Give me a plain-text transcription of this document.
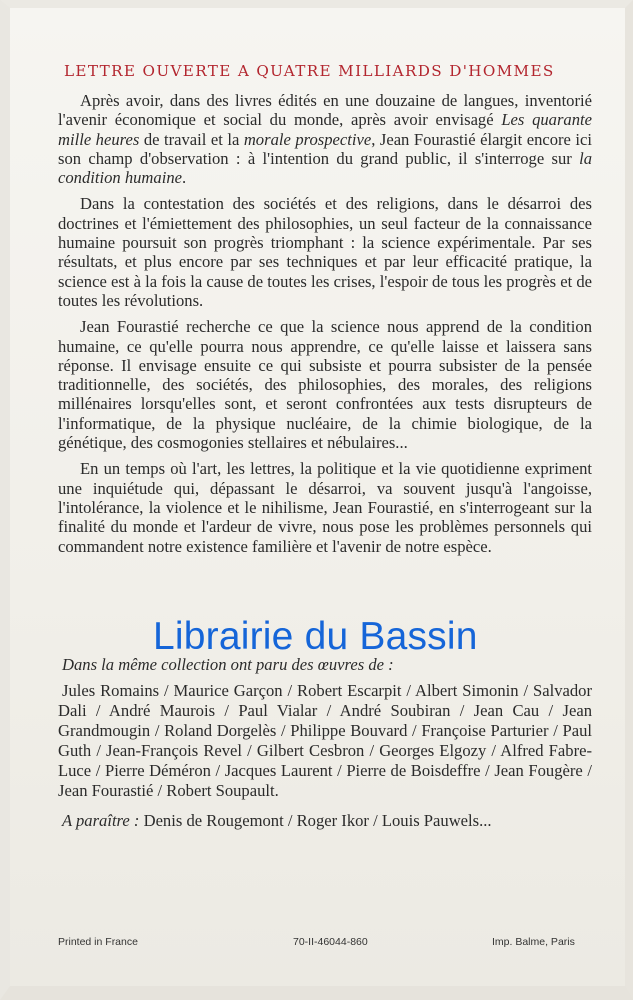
LETTRE OUVERTE A QUATRE MILLIARDS D'HOMMES

Après avoir, dans des livres édités en une douzaine de langues, inventorié l'avenir économique et social du monde, après avoir envisagé Les quarante mille heures de travail et la morale prospective, Jean Fourastié élargit encore ici son champ d'observation : à l'intention du grand public, il s'interroge sur la condition humaine.

Dans la contestation des sociétés et des religions, dans le désarroi des doctrines et l'émiettement des philosophies, un seul facteur de la connaissance humaine poursuit son progrès triomphant : la science expérimentale. Par ses résultats, et plus encore par ses techniques et par leur efficacité pratique, la science est à la fois la cause de toutes les crises, l'espoir de tous les progrès et de toutes les révolutions.

Jean Fourastié recherche ce que la science nous apprend de la condition humaine, ce qu'elle pourra nous apprendre, ce qu'elle laisse et laissera sans réponse. Il envisage ensuite ce qui subsiste et pourra subsister de la pensée traditionnelle, des sociétés, des philosophies, des morales, des religions millénaires lorsqu'elles sont, et seront confrontées aux tests disrupteurs de l'informatique, de la physique nucléaire, de la chimie biologique, de la génétique, des cosmogonies stellaires et nébulaires...

En un temps où l'art, les lettres, la politique et la vie quotidienne expriment une inquiétude qui, dépassant le désarroi, va souvent jusqu'à l'angoisse, l'intolérance, la violence et le nihilisme, Jean Fourastié, en s'interrogeant sur la finalité du monde et l'ardeur de vivre, nous pose les problèmes personnels qui commandent notre existence familière et l'avenir de notre espèce.

Librairie du Bassin
Dans la même collection ont paru des œuvres de :
Jules Romains / Maurice Garçon / Robert Escarpit / Albert Simonin / Salvador Dali / André Maurois / Paul Vialar / André Soubiran / Jean Cau / Jean Grandmougin / Roland Dorgelès / Philippe Bouvard / Françoise Parturier / Paul Guth / Jean-François Revel / Gilbert Cesbron / Georges Elgozy / Alfred Fabre-Luce / Pierre Déméron / Jacques Laurent / Pierre de Boisdeffre / Jean Fougère / Jean Fourastié / Robert Soupault.
A paraître : Denis de Rougemont / Roger Ikor / Louis Pauwels...
Printed in France	70-II-46044-860	Imp. Balme, Paris
